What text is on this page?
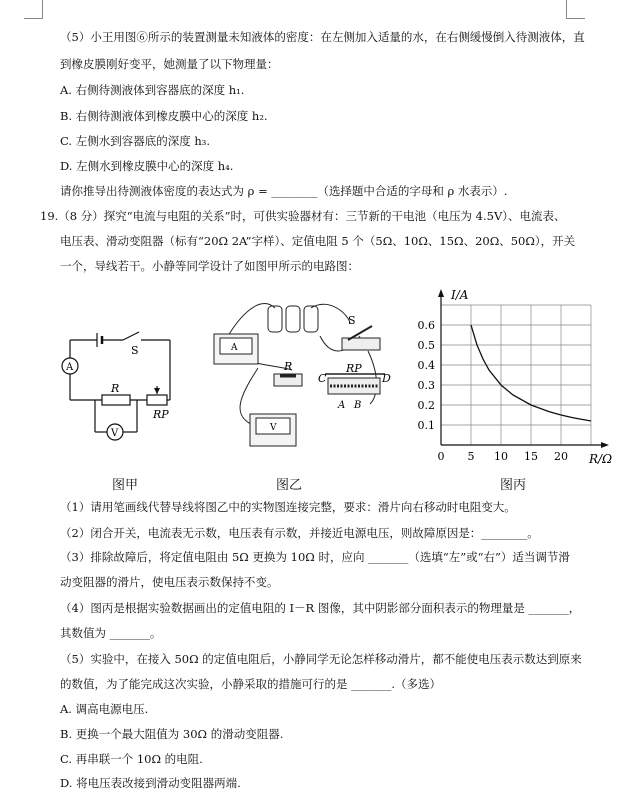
（5）小王用图⑥所示的装置测量未知液体的密度：在左侧加入适量的水，在右侧缓慢倒入待测液体，直
到橡皮膜刚好变平，她测量了以下物理量：
A. 右侧待测液体到容器底的深度 h₁.
B. 右侧待测液体到橡皮膜中心的深度 h₂.
C. 左侧水到容器底的深度 h₃.
D. 左侧水到橡皮膜中心的深度 h₄.
请你推导出待测液体密度的表达式为 ρ = ________（选择题中合适的字母和 ρ 水表示）.
19.（8 分）探究“电流与电阻的关系”时，可供实验器材有：三节新的干电池（电压为 4.5V）、电流表、
电压表、滑动变阻器（标有“20Ω 2A”字样）、定值电阻 5 个（5Ω、10Ω、15Ω、20Ω、50Ω），开关
一个，导线若干。小静等同学设计了如图甲所示的电路图：
A
S
R
RP
V
A
V
S
R	RP
C	D
A B
0 5 10 15 20
0.1
0.2
0.3
0.4
0.5
0.6
I/A
R/Ω
图甲	图乙	图丙
（1）请用笔画线代替导线将图乙中的实物图连接完整，要求：滑片向右移动时电阻变大。
（2）闭合开关，电流表无示数，电压表有示数，并接近电源电压，则故障原因是：________。
（3）排除故障后，将定值电阻由 5Ω 更换为 10Ω 时，应向 _______（选填“左”或“右”）适当调节滑
动变阻器的滑片，使电压表示数保持不变。
（4）图丙是根据实验数据画出的定值电阻的 I－R 图像，其中阴影部分面积表示的物理量是 _______，
其数值为 _______。
（5）实验中，在接入 50Ω 的定值电阻后，小静同学无论怎样移动滑片，都不能使电压表示数达到原来
的数值，为了能完成这次实验，小静采取的措施可行的是 _______.（多选）
A. 调高电源电压.
B. 更换一个最大阻值为 30Ω 的滑动变阻器.
C. 再串联一个 10Ω 的电阻.
D. 将电压表改接到滑动变阻器两端.
